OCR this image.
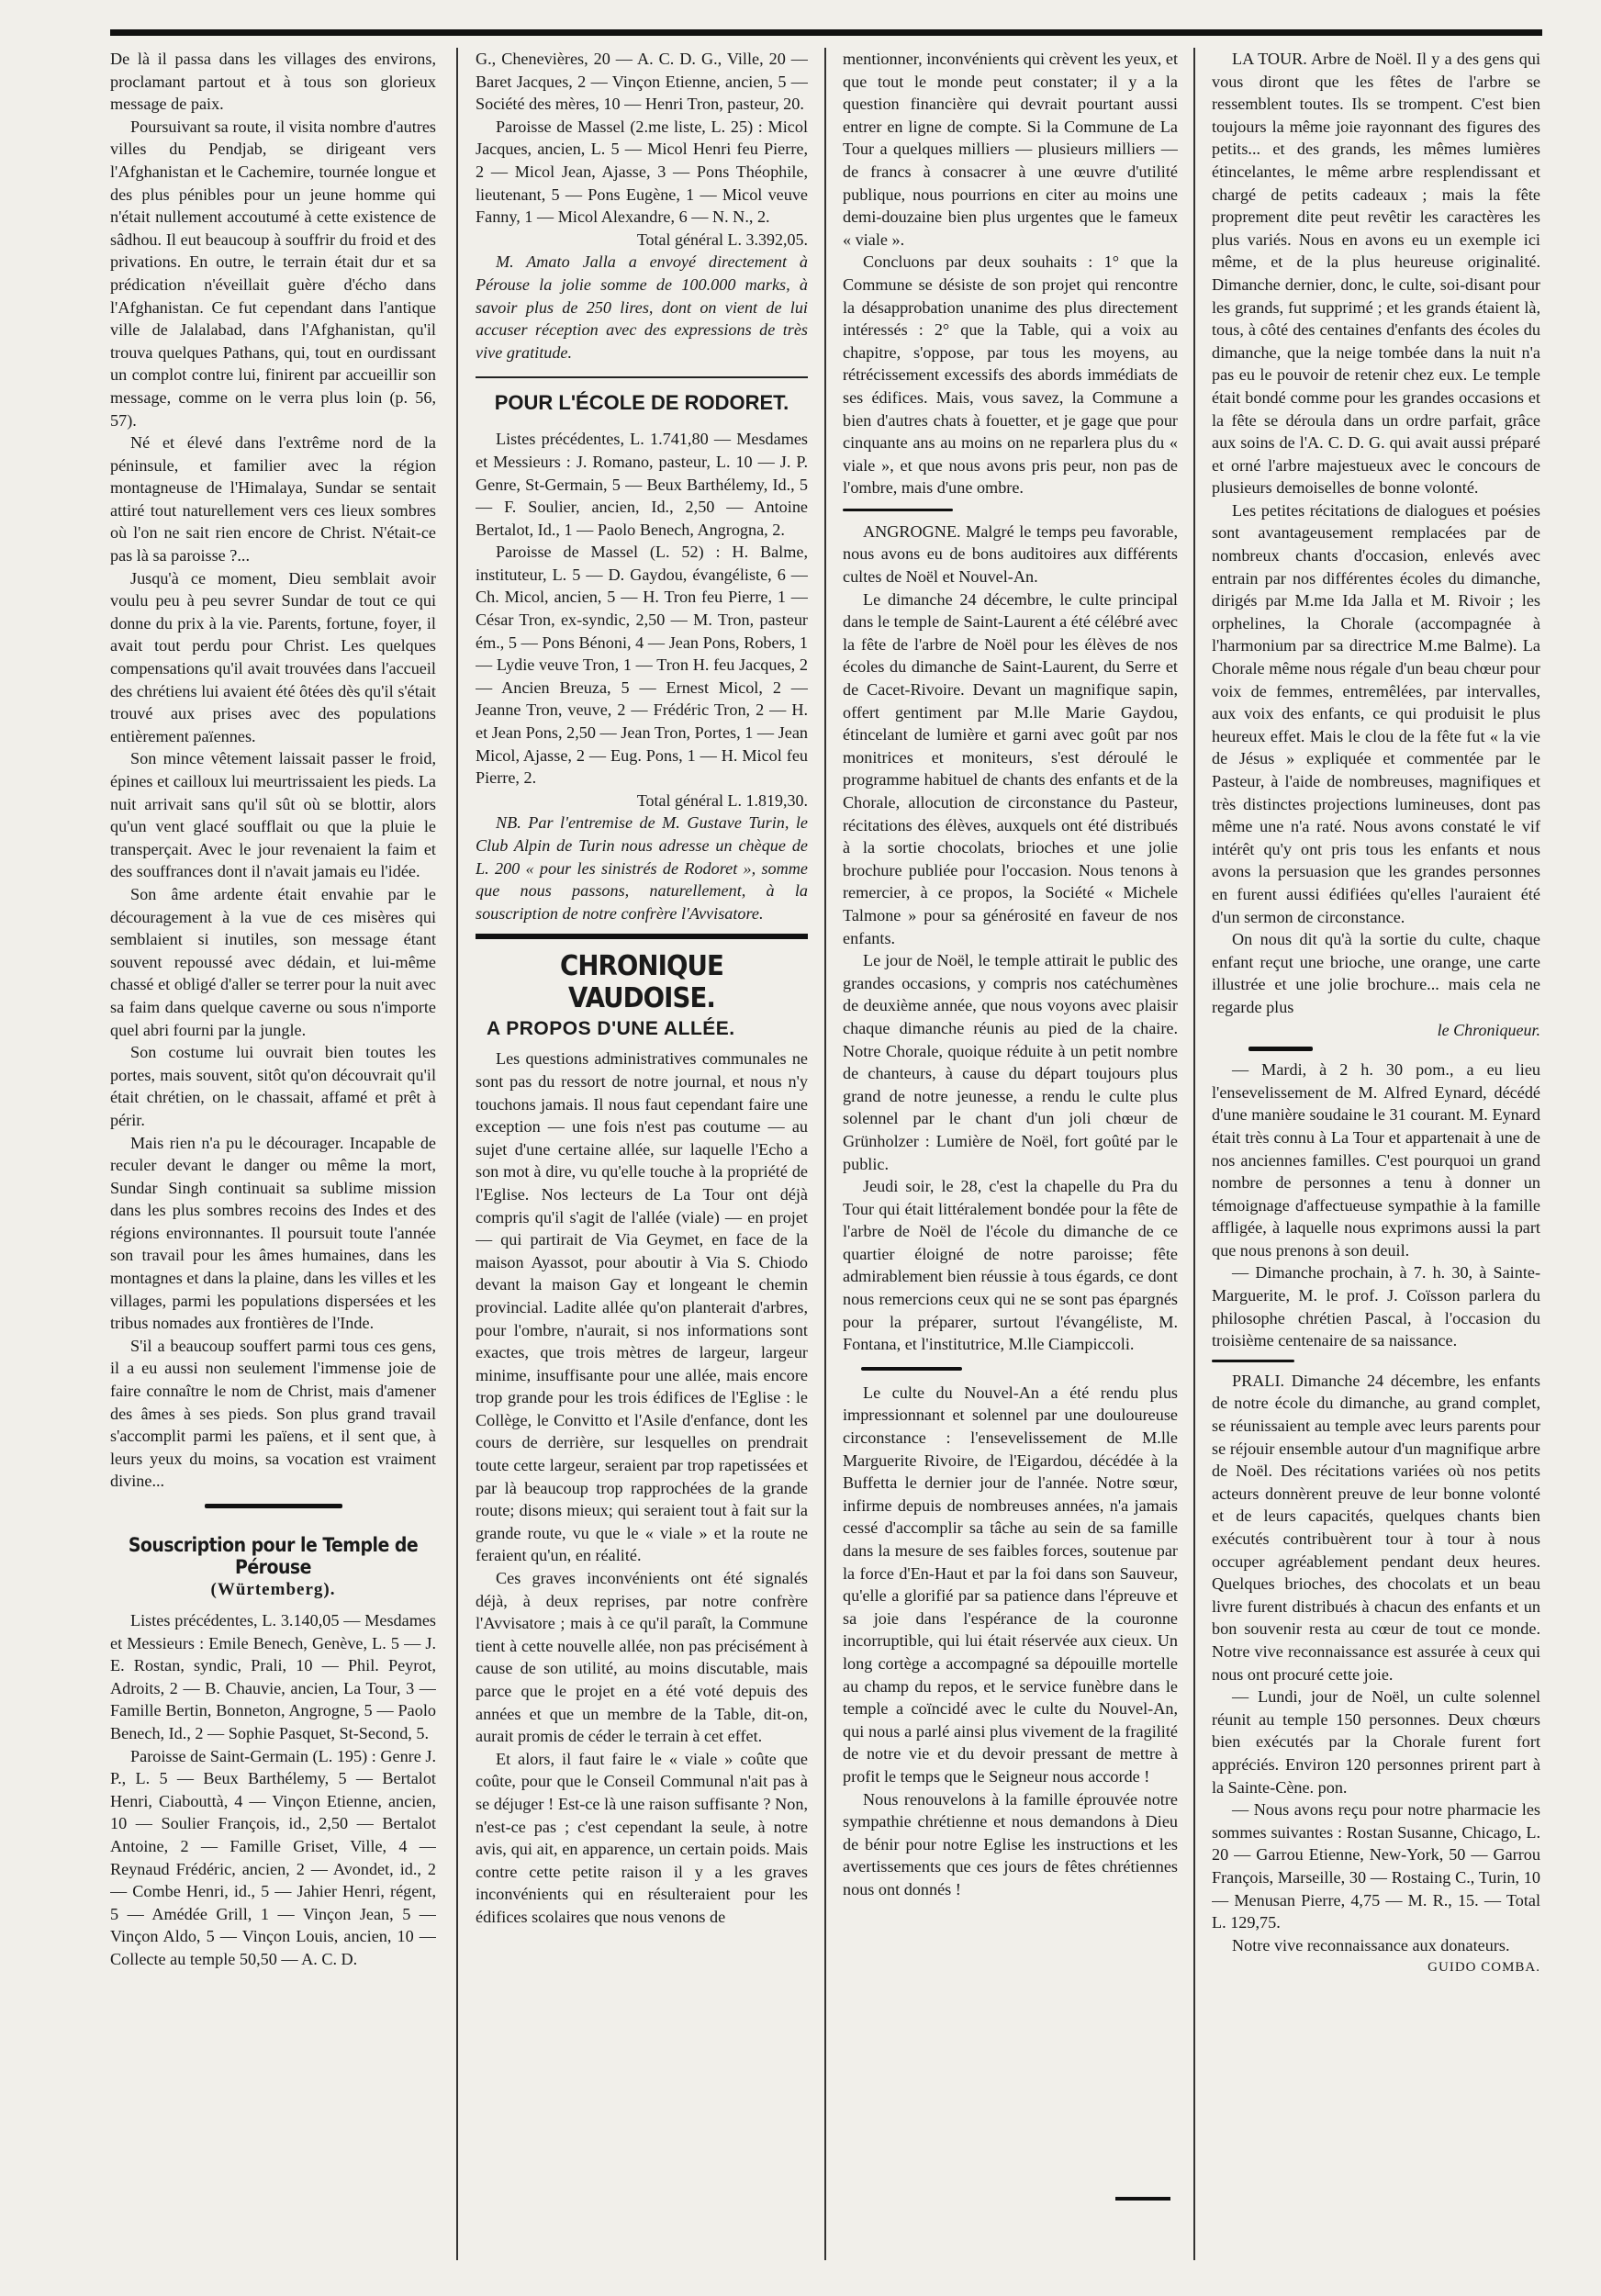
De là il passa dans les villages des environs, proclamant partout et à tous son glorieux message de paix.

Poursuivant sa route, il visita nombre d'autres villes du Pendjab, se dirigeant vers l'Afghanistan et le Cachemire, tournée longue et des plus pénibles pour un jeune homme qui n'était nullement accoutumé à cette existence de sâdhou. Il eut beaucoup à souffrir du froid et des privations. En outre, le terrain était dur et sa prédication n'éveillait guère d'écho dans l'Afghanistan. Ce fut cependant dans l'antique ville de Jalalabad, dans l'Afghanistan, qu'il trouva quelques Pathans, qui, tout en ourdissant un complot contre lui, finirent par accueillir son message, comme on le verra plus loin (p. 56, 57).

Né et élevé dans l'extrême nord de la péninsule, et familier avec la région montagneuse de l'Himalaya, Sundar se sentait attiré tout naturellement vers ces lieux sombres où l'on ne sait rien encore de Christ. N'était-ce pas là sa paroisse ?...

Jusqu'à ce moment, Dieu semblait avoir voulu peu à peu sevrer Sundar de tout ce qui donne du prix à la vie. Parents, fortune, foyer, il avait tout perdu pour Christ. Les quelques compensations qu'il avait trouvées dans l'accueil des chrétiens lui avaient été ôtées dès qu'il s'était trouvé aux prises avec des populations entièrement païennes.

Son mince vêtement laissait passer le froid, épines et cailloux lui meurtrissaient les pieds. La nuit arrivait sans qu'il sût où se blottir, alors qu'un vent glacé soufflait ou que la pluie le transperçait. Avec le jour revenaient la faim et des souffrances dont il n'avait jamais eu l'idée.

Son âme ardente était envahie par le découragement à la vue de ces misères qui semblaient si inutiles, son message étant souvent repoussé avec dédain, et lui-même chassé et obligé d'aller se terrer pour la nuit avec sa faim dans quelque caverne ou sous n'importe quel abri fourni par la jungle.

Son costume lui ouvrait bien toutes les portes, mais souvent, sitôt qu'on découvrait qu'il était chrétien, on le chassait, affamé et prêt à périr.

Mais rien n'a pu le décourager. Incapable de reculer devant le danger ou même la mort, Sundar Singh continuait sa sublime mission dans les plus sombres recoins des Indes et des régions environnantes. Il poursuit toute l'année son travail pour les âmes humaines, dans les montagnes et dans la plaine, dans les villes et les villages, parmi les populations dispersées et les tribus nomades aux frontières de l'Inde.

S'il a beaucoup souffert parmi tous ces gens, il a eu aussi non seulement l'immense joie de faire connaître le nom de Christ, mais d'amener des âmes à ses pieds. Son plus grand travail s'accomplit parmi les païens, et il sent que, à leurs yeux du moins, sa vocation est vraiment divine...

Souscription pour le Temple de Pérouse
(Würtemberg).

Listes précédentes, L. 3.140,05 — Mesdames et Messieurs : Emile Benech, Genève, L. 5 — J. E. Rostan, syndic, Prali, 10 — Phil. Peyrot, Adroits, 2 — B. Chauvie, ancien, La Tour, 3 — Famille Bertin, Bonneton, Angrogne, 5 — Paolo Benech, Id., 2 — Sophie Pasquet, St-Second, 5.

Paroisse de Saint-Germain (L. 195) : Genre J. P., L. 5 — Beux Barthélemy, 5 — Bertalot Henri, Ciabouttà, 4 — Vinçon Etienne, ancien, 10 — Soulier François, id., 2,50 — Bertalot Antoine, 2 — Famille Griset, Ville, 4 — Reynaud Frédéric, ancien, 2 — Avondet, id., 2 — Combe Henri, id., 5 — Jahier Henri, régent, 5 — Amédée Grill, 1 — Vinçon Jean, 5 — Vinçon Aldo, 5 — Vinçon Louis, ancien, 10 — Collecte au temple 50,50 — A. C. D.

G., Chenevières, 20 — A. C. D. G., Ville, 20 — Baret Jacques, 2 — Vinçon Etienne, ancien, 5 — Société des mères, 10 — Henri Tron, pasteur, 20.

Paroisse de Massel (2.me liste, L. 25) : Micol Jacques, ancien, L. 5 — Micol Henri feu Pierre, 2 — Micol Jean, Ajasse, 3 — Pons Théophile, lieutenant, 5 — Pons Eugène, 1 — Micol veuve Fanny, 1 — Micol Alexandre, 6 — N. N., 2.

Total général L. 3.392,05.

M. Amato Jalla a envoyé directement à Pérouse la jolie somme de 100.000 marks, à savoir plus de 250 lires, dont on vient de lui accuser réception avec des expressions de très vive gratitude.

POUR L'ÉCOLE DE RODORET.

Listes précédentes, L. 1.741,80 — Mesdames et Messieurs : J. Romano, pasteur, L. 10 — J. P. Genre, St-Germain, 5 — Beux Barthélemy, Id., 5 — F. Soulier, ancien, Id., 2,50 — Antoine Bertalot, Id., 1 — Paolo Benech, Angrogna, 2.

Paroisse de Massel (L. 52) : H. Balme, instituteur, L. 5 — D. Gaydou, évangéliste, 6 — Ch. Micol, ancien, 5 — H. Tron feu Pierre, 1 — César Tron, ex-syndic, 2,50 — M. Tron, pasteur ém., 5 — Pons Bénoni, 4 — Jean Pons, Robers, 1 — Lydie veuve Tron, 1 — Tron H. feu Jacques, 2 — Ancien Breuza, 5 — Ernest Micol, 2 — Jeanne Tron, veuve, 2 — Frédéric Tron, 2 — H. et Jean Pons, 2,50 — Jean Tron, Portes, 1 — Jean Micol, Ajasse, 2 — Eug. Pons, 1 — H. Micol feu Pierre, 2.

Total général L. 1.819,30.

NB. Par l'entremise de M. Gustave Turin, le Club Alpin de Turin nous adresse un chèque de L. 200 « pour les sinistrés de Rodoret », somme que nous passons, naturellement, à la souscription de notre confrère l'Avvisatore.

CHRONIQUE VAUDOISE.
A PROPOS D'UNE ALLÉE.

Les questions administratives communales ne sont pas du ressort de notre journal, et nous n'y touchons jamais. Il nous faut cependant faire une exception — une fois n'est pas coutume — au sujet d'une certaine allée, sur laquelle l'Echo a son mot à dire, vu qu'elle touche à la propriété de l'Eglise. Nos lecteurs de La Tour ont déjà compris qu'il s'agit de l'allée (viale) — en projet — qui partirait de Via Geymet, en face de la maison Ayassot, pour aboutir à Via S. Chiodo devant la maison Gay et longeant le chemin provincial. Ladite allée qu'on planterait d'arbres, pour l'ombre, n'aurait, si nos informations sont exactes, que trois mètres de largeur, largeur minime, insuffisante pour une allée, mais encore trop grande pour les trois édifices de l'Eglise : le Collège, le Convitto et l'Asile d'enfance, dont les cours de derrière, sur lesquelles on prendrait toute cette largeur, seraient par trop rapetissées et par là beaucoup trop rapprochées de la grande route; disons mieux; qui seraient tout à fait sur la grande route, vu que le « viale » et la route ne feraient qu'un, en réalité.

Ces graves inconvénients ont été signalés déjà, à deux reprises, par notre confrère l'Avvisatore ; mais à ce qu'il paraît, la Commune tient à cette nouvelle allée, non pas précisément à cause de son utilité, au moins discutable, mais parce que le projet en a été voté depuis des années et que un membre de la Table, dit-on, aurait promis de céder le terrain à cet effet.

Et alors, il faut faire le « viale » coûte que coûte, pour que le Conseil Communal n'ait pas à se déjuger ! Est-ce là une raison suffisante ? Non, n'est-ce pas ; c'est cependant la seule, à notre avis, qui ait, en apparence, un certain poids. Mais contre cette petite raison il y a les graves inconvénients qui en résulteraient pour les édifices scolaires que nous venons de

mentionner, inconvénients qui crèvent les yeux, et que tout le monde peut constater; il y a la question financière qui devrait pourtant aussi entrer en ligne de compte. Si la Commune de La Tour a quelques milliers — plusieurs milliers — de francs à consacrer à une œuvre d'utilité publique, nous pourrions en citer au moins une demi-douzaine bien plus urgentes que le fameux « viale ».

Concluons par deux souhaits : 1° que la Commune se désiste de son projet qui rencontre la désapprobation unanime des plus directement intéressés : 2° que la Table, qui a voix au chapitre, s'oppose, par tous les moyens, au rétrécissement excessifs des abords immédiats de ses édifices. Mais, vous savez, la Commune a bien d'autres chats à fouetter, et je gage que pour cinquante ans au moins on ne reparlera plus du « viale », et que nous avons pris peur, non pas de l'ombre, mais d'une ombre.

ANGROGNE. Malgré le temps peu favorable, nous avons eu de bons auditoires aux différents cultes de Noël et Nouvel-An.

Le dimanche 24 décembre, le culte principal dans le temple de Saint-Laurent a été célébré avec la fête de l'arbre de Noël pour les élèves de nos écoles du dimanche de Saint-Laurent, du Serre et de Cacet-Rivoire. Devant un magnifique sapin, offert gentiment par M.lle Marie Gaydou, étincelant de lumière et garni avec goût par nos monitrices et moniteurs, s'est déroulé le programme habituel de chants des enfants et de la Chorale, allocution de circonstance du Pasteur, récitations des élèves, auxquels ont été distribués à la sortie chocolats, brioches et une jolie brochure publiée pour l'occasion. Nous tenons à remercier, à ce propos, la Société « Michele Talmone » pour sa générosité en faveur de nos enfants.

Le jour de Noël, le temple attirait le public des grandes occasions, y compris nos catéchumènes de deuxième année, que nous voyons avec plaisir chaque dimanche réunis au pied de la chaire. Notre Chorale, quoique réduite à un petit nombre de chanteurs, à cause du départ toujours plus grand de notre jeunesse, a rendu le culte plus solennel par le chant d'un joli chœur de Grünholzer : Lumière de Noël, fort goûté par le public.

Jeudi soir, le 28, c'est la chapelle du Pra du Tour qui était littéralement bondée pour la fête de l'arbre de Noël de l'école du dimanche de ce quartier éloigné de notre paroisse; fête admirablement bien réussie à tous égards, ce dont nous remercions ceux qui ne se sont pas épargnés pour la préparer, surtout l'évangéliste, M. Fontana, et l'institutrice, M.lle Ciampiccoli.

Le culte du Nouvel-An a été rendu plus impressionnant et solennel par une douloureuse circonstance : l'ensevelissement de M.lle Marguerite Rivoire, de l'Eigardou, décédée à la Buffetta le dernier jour de l'année. Notre sœur, infirme depuis de nombreuses années, n'a jamais cessé d'accomplir sa tâche au sein de sa famille dans la mesure de ses faibles forces, soutenue par la force d'En-Haut et par la foi dans son Sauveur, qu'elle a glorifié par sa patience dans l'épreuve et sa joie dans l'espérance de la couronne incorruptible, qui lui était réservée aux cieux. Un long cortège a accompagné sa dépouille mortelle au champ du repos, et le service funèbre dans le temple a coïncidé avec le culte du Nouvel-An, qui nous a parlé ainsi plus vivement de la fragilité de notre vie et du devoir pressant de mettre à profit le temps que le Seigneur nous accorde !

Nous renouvelons à la famille éprouvée notre sympathie chrétienne et nous demandons à Dieu de bénir pour notre Eglise les instructions et les avertissements que ces jours de fêtes chrétiennes nous ont donnés !

LA TOUR. Arbre de Noël. Il y a des gens qui vous diront que les fêtes de l'arbre se ressemblent toutes. Ils se trompent. C'est bien toujours la même joie rayonnant des figures des petits... et des grands, les mêmes lumières étincelantes, le même arbre resplendissant et chargé de petits cadeaux ; mais la fête proprement dite peut revêtir les caractères les plus variés. Nous en avons eu un exemple ici même, et de la plus heureuse originalité. Dimanche dernier, donc, le culte, soi-disant pour les grands, fut supprimé ; et les grands étaient là, tous, à côté des centaines d'enfants des écoles du dimanche, que la neige tombée dans la nuit n'a pas eu le pouvoir de retenir chez eux. Le temple était bondé comme pour les grandes occasions et la fête se déroula dans un ordre parfait, grâce aux soins de l'A. C. D. G. qui avait aussi préparé et orné l'arbre majestueux avec le concours de plusieurs demoiselles de bonne volonté.

Les petites récitations de dialogues et poésies sont avantageusement remplacées par de nombreux chants d'occasion, enlevés avec entrain par nos différentes écoles du dimanche, dirigés par M.me Ida Jalla et M. Rivoir ; les orphelines, la Chorale (accompagnée à l'harmonium par sa directrice M.me Balme). La Chorale même nous régale d'un beau chœur pour voix de femmes, entremêlées, par intervalles, aux voix des enfants, ce qui produisit le plus heureux effet. Mais le clou de la fête fut « la vie de Jésus » expliquée et commentée par le Pasteur, à l'aide de nombreuses, magnifiques et très distinctes projections lumineuses, dont pas même une n'a raté. Nous avons constaté le vif intérêt qu'y ont pris tous les enfants et nous avons la persuasion que les grandes personnes en furent aussi édifiées qu'elles l'auraient été d'un sermon de circonstance.

On nous dit qu'à la sortie du culte, chaque enfant reçut une brioche, une orange, une carte illustrée et une jolie brochure... mais cela ne regarde plus

le Chroniqueur.

— Mardi, à 2 h. 30 pom., a eu lieu l'ensevelissement de M. Alfred Eynard, décédé d'une manière soudaine le 31 courant. M. Eynard était très connu à La Tour et appartenait à une de nos anciennes familles. C'est pourquoi un grand nombre de personnes a tenu à donner un témoignage d'affectueuse sympathie à la famille affligée, à laquelle nous exprimons aussi la part que nous prenons à son deuil.

— Dimanche prochain, à 7. h. 30, à Sainte-Marguerite, M. le prof. J. Coïsson parlera du philosophe chrétien Pascal, à l'occasion du troisième centenaire de sa naissance.

PRALI. Dimanche 24 décembre, les enfants de notre école du dimanche, au grand complet, se réunissaient au temple avec leurs parents pour se réjouir ensemble autour d'un magnifique arbre de Noël. Des récitations variées où nos petits acteurs donnèrent preuve de leur bonne volonté et de leurs capacités, quelques chants bien exécutés contribuèrent tour à tour à nous occuper agréablement pendant deux heures. Quelques brioches, des chocolats et un beau livre furent distribués à chacun des enfants et un bon souvenir resta au cœur de tout ce monde. Notre vive reconnaissance est assurée à ceux qui nous ont procuré cette joie.

— Lundi, jour de Noël, un culte solennel réunit au temple 150 personnes. Deux chœurs bien exécutés par la Chorale furent fort appréciés. Environ 120 personnes prirent part à la Sainte-Cène. pon.

— Nous avons reçu pour notre pharmacie les sommes suivantes : Rostan Susanne, Chicago, L. 20 — Garrou Etienne, New-York, 50 — Garrou François, Marseille, 30 — Rostaing C., Turin, 10 — Menusan Pierre, 4,75 — M. R., 15. — Total L. 129,75.

Notre vive reconnaissance aux donateurs.

GUIDO COMBA.
